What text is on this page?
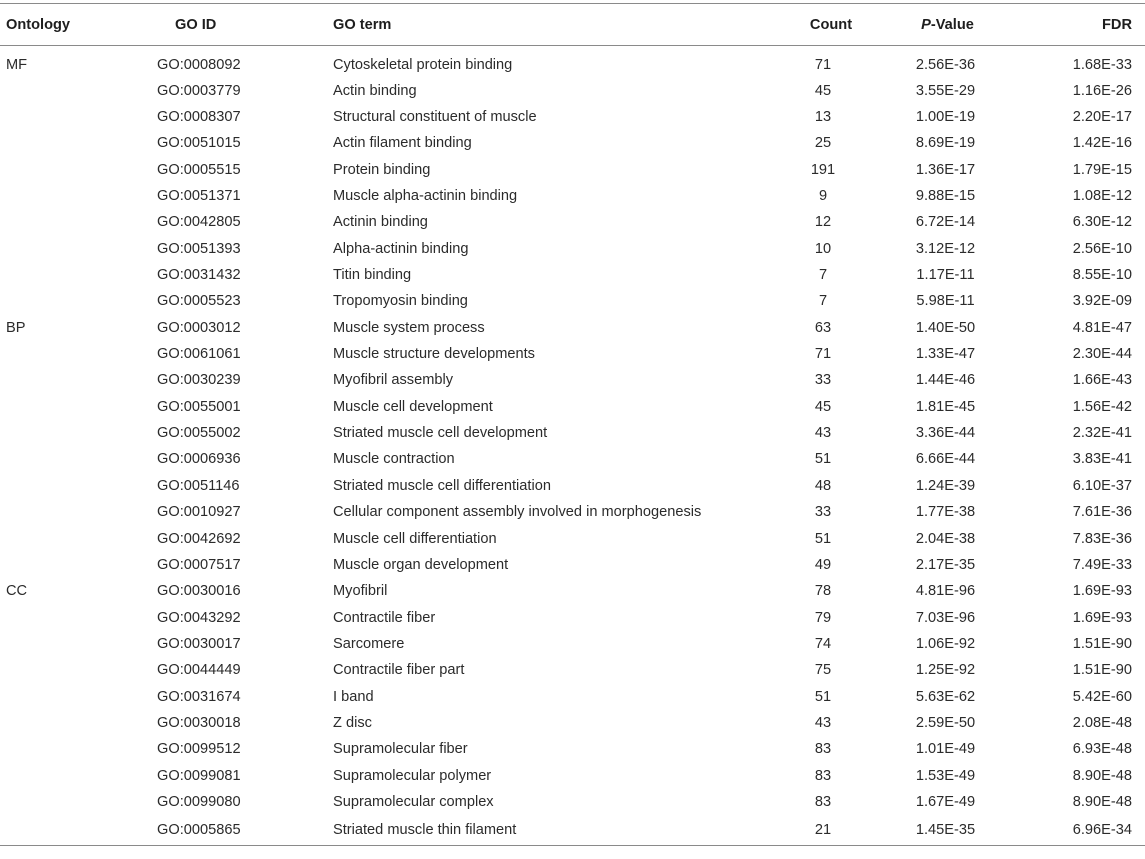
Ontology	GO ID	GO term	Count	P-Value	FDR
MF	GO:0008092	Cytoskeletal protein binding	71	2.56E-36	1.68E-33
	GO:0003779	Actin binding	45	3.55E-29	1.16E-26
	GO:0008307	Structural constituent of muscle	13	1.00E-19	2.20E-17
	GO:0051015	Actin filament binding	25	8.69E-19	1.42E-16
	GO:0005515	Protein binding	191	1.36E-17	1.79E-15
	GO:0051371	Muscle alpha-actinin binding	9	9.88E-15	1.08E-12
	GO:0042805	Actinin binding	12	6.72E-14	6.30E-12
	GO:0051393	Alpha-actinin binding	10	3.12E-12	2.56E-10
	GO:0031432	Titin binding	7	1.17E-11	8.55E-10
	GO:0005523	Tropomyosin binding	7	5.98E-11	3.92E-09
BP	GO:0003012	Muscle system process	63	1.40E-50	4.81E-47
	GO:0061061	Muscle structure developments	71	1.33E-47	2.30E-44
	GO:0030239	Myofibril assembly	33	1.44E-46	1.66E-43
	GO:0055001	Muscle cell development	45	1.81E-45	1.56E-42
	GO:0055002	Striated muscle cell development	43	3.36E-44	2.32E-41
	GO:0006936	Muscle contraction	51	6.66E-44	3.83E-41
	GO:0051146	Striated muscle cell differentiation	48	1.24E-39	6.10E-37
	GO:0010927	Cellular component assembly involved in morphogenesis	33	1.77E-38	7.61E-36
	GO:0042692	Muscle cell differentiation	51	2.04E-38	7.83E-36
	GO:0007517	Muscle organ development	49	2.17E-35	7.49E-33
CC	GO:0030016	Myofibril	78	4.81E-96	1.69E-93
	GO:0043292	Contractile fiber	79	7.03E-96	1.69E-93
	GO:0030017	Sarcomere	74	1.06E-92	1.51E-90
	GO:0044449	Contractile fiber part	75	1.25E-92	1.51E-90
	GO:0031674	I band	51	5.63E-62	5.42E-60
	GO:0030018	Z disc	43	2.59E-50	2.08E-48
	GO:0099512	Supramolecular fiber	83	1.01E-49	6.93E-48
	GO:0099081	Supramolecular polymer	83	1.53E-49	8.90E-48
	GO:0099080	Supramolecular complex	83	1.67E-49	8.90E-48
	GO:0005865	Striated muscle thin filament	21	1.45E-35	6.96E-34
